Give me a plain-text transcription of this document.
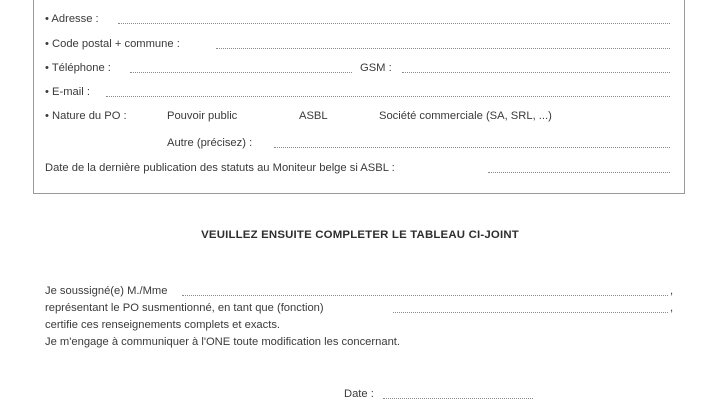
• Adresse :
• Code postal + commune :
• Téléphone :	GSM :
• E-mail :
• Nature du PO :	Pouvoir public	ASBL	Société commerciale (SA, SRL, ...)
Autre (précisez) :
Date de la dernière publication des statuts au Moniteur belge si ASBL :
VEUILLEZ ENSUITE COMPLETER LE TABLEAU CI-JOINT
Je soussigné(e) M./Mme	,
représentant le PO susmentionné, en tant que (fonction)	,
certifie ces renseignements complets et exacts.
Je m'engage à communiquer à l'ONE toute modification les concernant.
Date :
